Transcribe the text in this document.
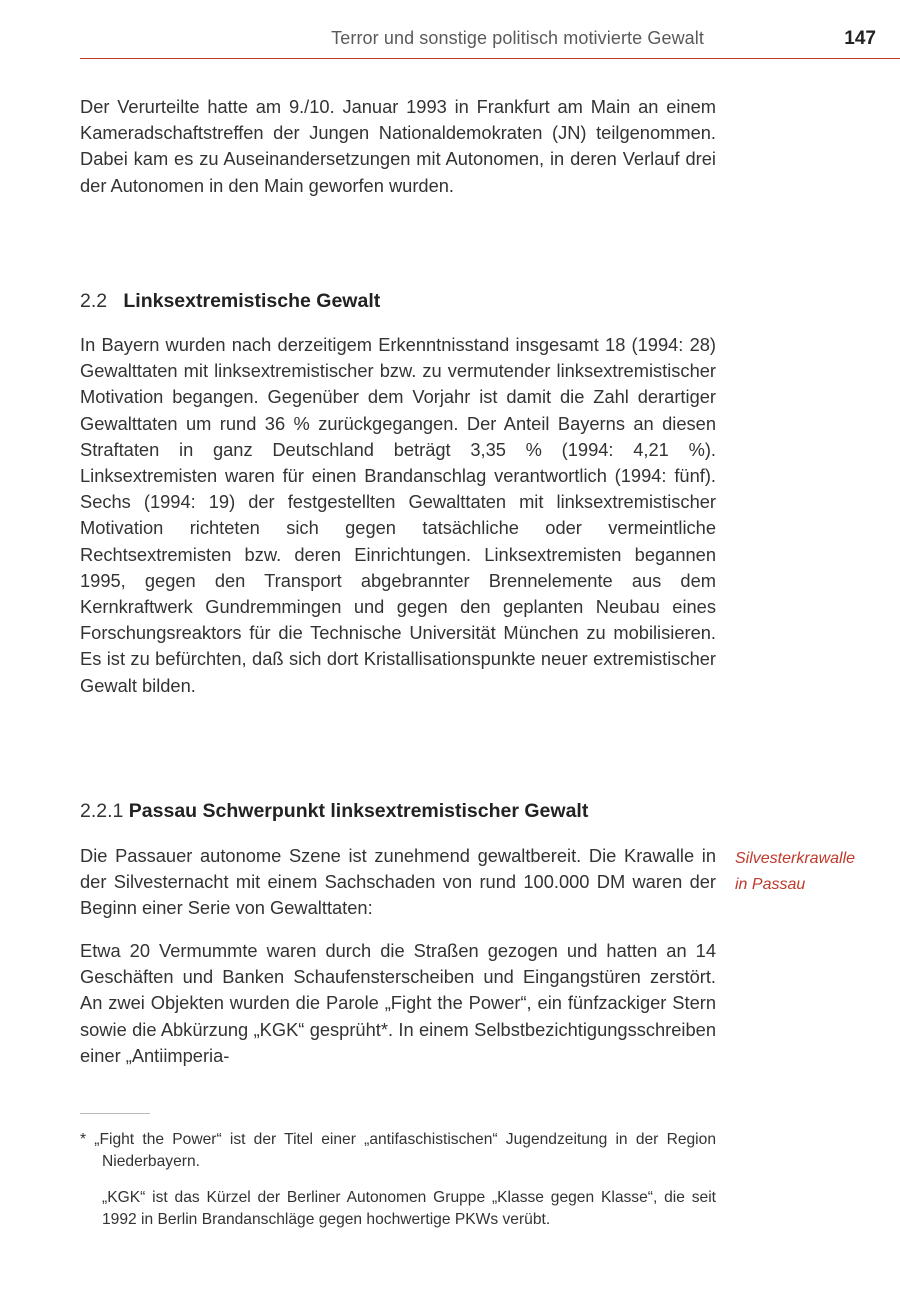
Terror und sonstige politisch motivierte Gewalt	147

Der Verurteilte hatte am 9./10. Januar 1993 in Frankfurt am Main an einem Kameradschaftstreffen der Jungen Nationaldemokraten (JN) teilgenommen. Dabei kam es zu Auseinandersetzungen mit Autonomen, in deren Verlauf drei der Autonomen in den Main geworfen wurden.

2.2 Linksextremistische Gewalt

In Bayern wurden nach derzeitigem Erkenntnisstand insgesamt 18 (1994: 28) Gewalttaten mit linksextremistischer bzw. zu vermutender linksextremistischer Motivation begangen. Gegenüber dem Vorjahr ist damit die Zahl derartiger Gewalttaten um rund 36 % zurückgegangen. Der Anteil Bayerns an diesen Straftaten in ganz Deutschland beträgt 3,35 % (1994: 4,21 %). Linksextremisten waren für einen Brandanschlag verantwortlich (1994: fünf). Sechs (1994: 19) der festgestellten Gewalttaten mit linksextremistischer Motivation richteten sich gegen tatsächliche oder vermeintliche Rechtsextremisten bzw. deren Einrichtungen. Linksextremisten begannen 1995, gegen den Transport abgebrannter Brennelemente aus dem Kernkraftwerk Gundremmingen und gegen den geplanten Neubau eines Forschungsreaktors für die Technische Universität München zu mobilisieren. Es ist zu befürchten, daß sich dort Kristallisationspunkte neuer extremistischer Gewalt bilden.

2.2.1 Passau Schwerpunkt linksextremistischer Gewalt

Die Passauer autonome Szene ist zunehmend gewaltbereit. Die Krawalle in der Silvesternacht mit einem Sachschaden von rund 100.000 DM waren der Beginn einer Serie von Gewalttaten:

Silvesterkrawalle
in Passau

Etwa 20 Vermummte waren durch die Straßen gezogen und hatten an 14 Geschäften und Banken Schaufensterscheiben und Eingangstüren zerstört. An zwei Objekten wurden die Parole „Fight the Power“, ein fünfzackiger Stern sowie die Abkürzung „KGK“ gesprüht*. In einem Selbstbezichtigungsschreiben einer „Antiimperia-

* „Fight the Power“ ist der Titel einer „antifaschistischen“ Jugendzeitung in der Region Niederbayern.

„KGK“ ist das Kürzel der Berliner Autonomen Gruppe „Klasse gegen Klasse“, die seit 1992 in Berlin Brandanschläge gegen hochwertige PKWs verübt.
